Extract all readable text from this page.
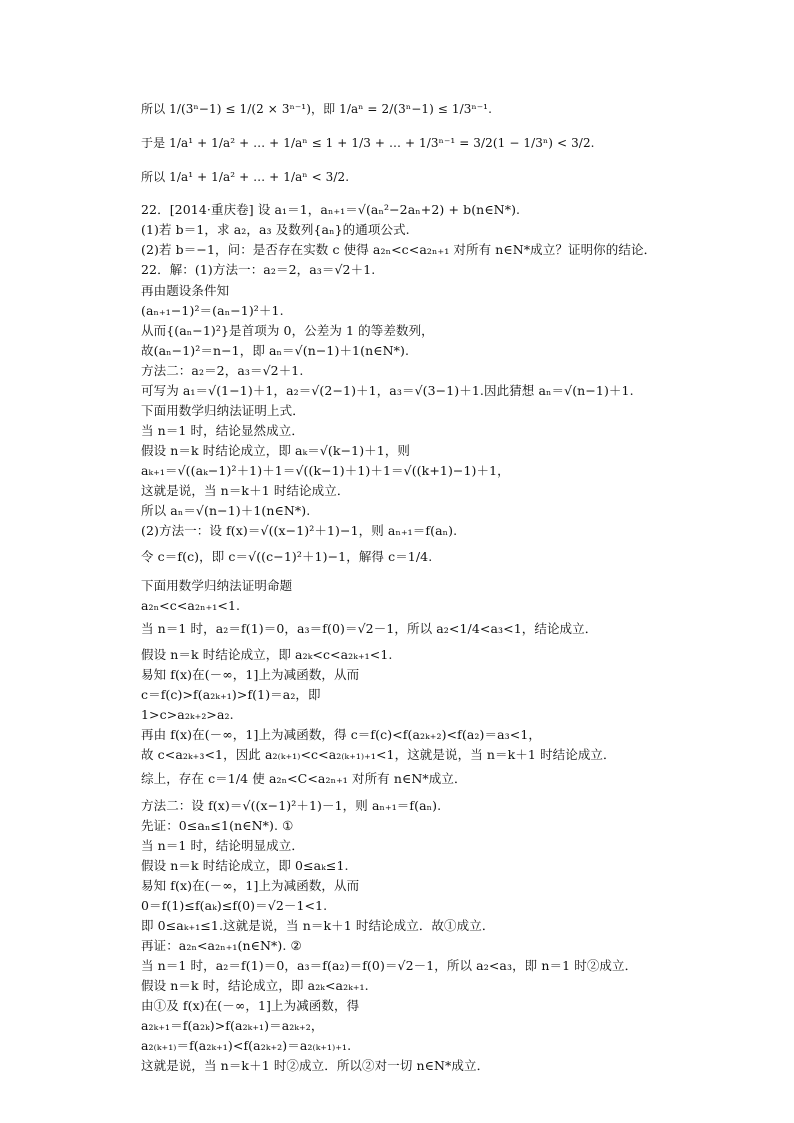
所以 1/(3ⁿ−1) ≤ 1/(2 × 3ⁿ⁻¹)，即 1/aⁿ = 2/(3ⁿ−1) ≤ 1/3ⁿ⁻¹.
于是 1/a¹ + 1/a² + … + 1/aⁿ ≤ 1 + 1/3 + … + 1/3ⁿ⁻¹ = 3/2(1 − 1/3ⁿ) < 3/2.
所以 1/a¹ + 1/a² + … + 1/aⁿ < 3/2.
22．[2014·重庆卷] 设 a₁＝1，aₙ₊₁＝√(aₙ²−2aₙ+2) + b(n∈N*).
(1)若 b＝1，求 a₂，a₃ 及数列{aₙ}的通项公式.
(2)若 b＝−1，问：是否存在实数 c 使得 a₂ₙ<c<a₂ₙ₊₁ 对所有 n∈N*成立？证明你的结论．
22．解：(1)方法一：a₂＝2，a₃＝√2＋1.
再由题设条件知
(aₙ₊₁−1)²＝(aₙ−1)²＋1.
从而{(aₙ−1)²}是首项为 0，公差为 1 的等差数列，
故(aₙ−1)²＝n−1，即 aₙ＝√(n−1)＋1(n∈N*).
方法二：a₂＝2，a₃＝√2＋1.
可写为 a₁＝√(1−1)＋1，a₂＝√(2−1)＋1，a₃＝√(3−1)＋1.因此猜想 aₙ＝√(n−1)＋1.
下面用数学归纳法证明上式．
当 n＝1 时，结论显然成立．
假设 n＝k 时结论成立，即 aₖ＝√(k−1)＋1，则
aₖ₊₁＝√((aₖ−1)²＋1)＋1＝√((k−1)＋1)＋1＝√((k+1)−1)＋1，
这就是说，当 n＝k＋1 时结论成立．
所以 aₙ＝√(n−1)＋1(n∈N*).
(2)方法一：设 f(x)＝√((x−1)²＋1)−1，则 aₙ₊₁＝f(aₙ).
令 c＝f(c)，即 c＝√((c−1)²＋1)−1，解得 c＝1/4.
下面用数学归纳法证明命题
a₂ₙ<c<a₂ₙ₊₁<1.
当 n＝1 时，a₂＝f(1)＝0，a₃＝f(0)＝√2－1，所以 a₂<1/4<a₃<1，结论成立．
假设 n＝k 时结论成立，即 a₂ₖ<c<a₂ₖ₊₁<1.
易知 f(x)在(－∞，1]上为减函数，从而
c＝f(c)>f(a₂ₖ₊₁)>f(1)＝a₂，即
1>c>a₂ₖ₊₂>a₂.
再由 f(x)在(－∞，1]上为减函数，得 c＝f(c)<f(a₂ₖ₊₂)<f(a₂)＝a₃<1，
故 c<a₂ₖ₊₃<1，因此 a₂₍ₖ₊₁₎<c<a₂₍ₖ₊₁₎₊₁<1，这就是说，当 n＝k＋1 时结论成立．
综上，存在 c＝1/4 使 a₂ₙ<C<a₂ₙ₊₁ 对所有 n∈N*成立．
方法二：设 f(x)＝√((x−1)²＋1)－1，则 aₙ₊₁＝f(aₙ).
先证：0≤aₙ≤1(n∈N*). ①
当 n＝1 时，结论明显成立．
假设 n＝k 时结论成立，即 0≤aₖ≤1.
易知 f(x)在(－∞，1]上为减函数，从而
0＝f(1)≤f(aₖ)≤f(0)＝√2－1<1.
即 0≤aₖ₊₁≤1.这就是说，当 n＝k＋1 时结论成立．故①成立．
再证：a₂ₙ<a₂ₙ₊₁(n∈N*). ②
当 n＝1 时，a₂＝f(1)＝0，a₃＝f(a₂)＝f(0)＝√2－1，所以 a₂<a₃，即 n＝1 时②成立．
假设 n＝k 时，结论成立，即 a₂ₖ<a₂ₖ₊₁.
由①及 f(x)在(－∞，1]上为减函数，得
a₂ₖ₊₁＝f(a₂ₖ)>f(a₂ₖ₊₁)＝a₂ₖ₊₂，
a₂₍ₖ₊₁₎＝f(a₂ₖ₊₁)<f(a₂ₖ₊₂)＝a₂₍ₖ₊₁₎₊₁.
这就是说，当 n＝k＋1 时②成立．所以②对一切 n∈N*成立．
